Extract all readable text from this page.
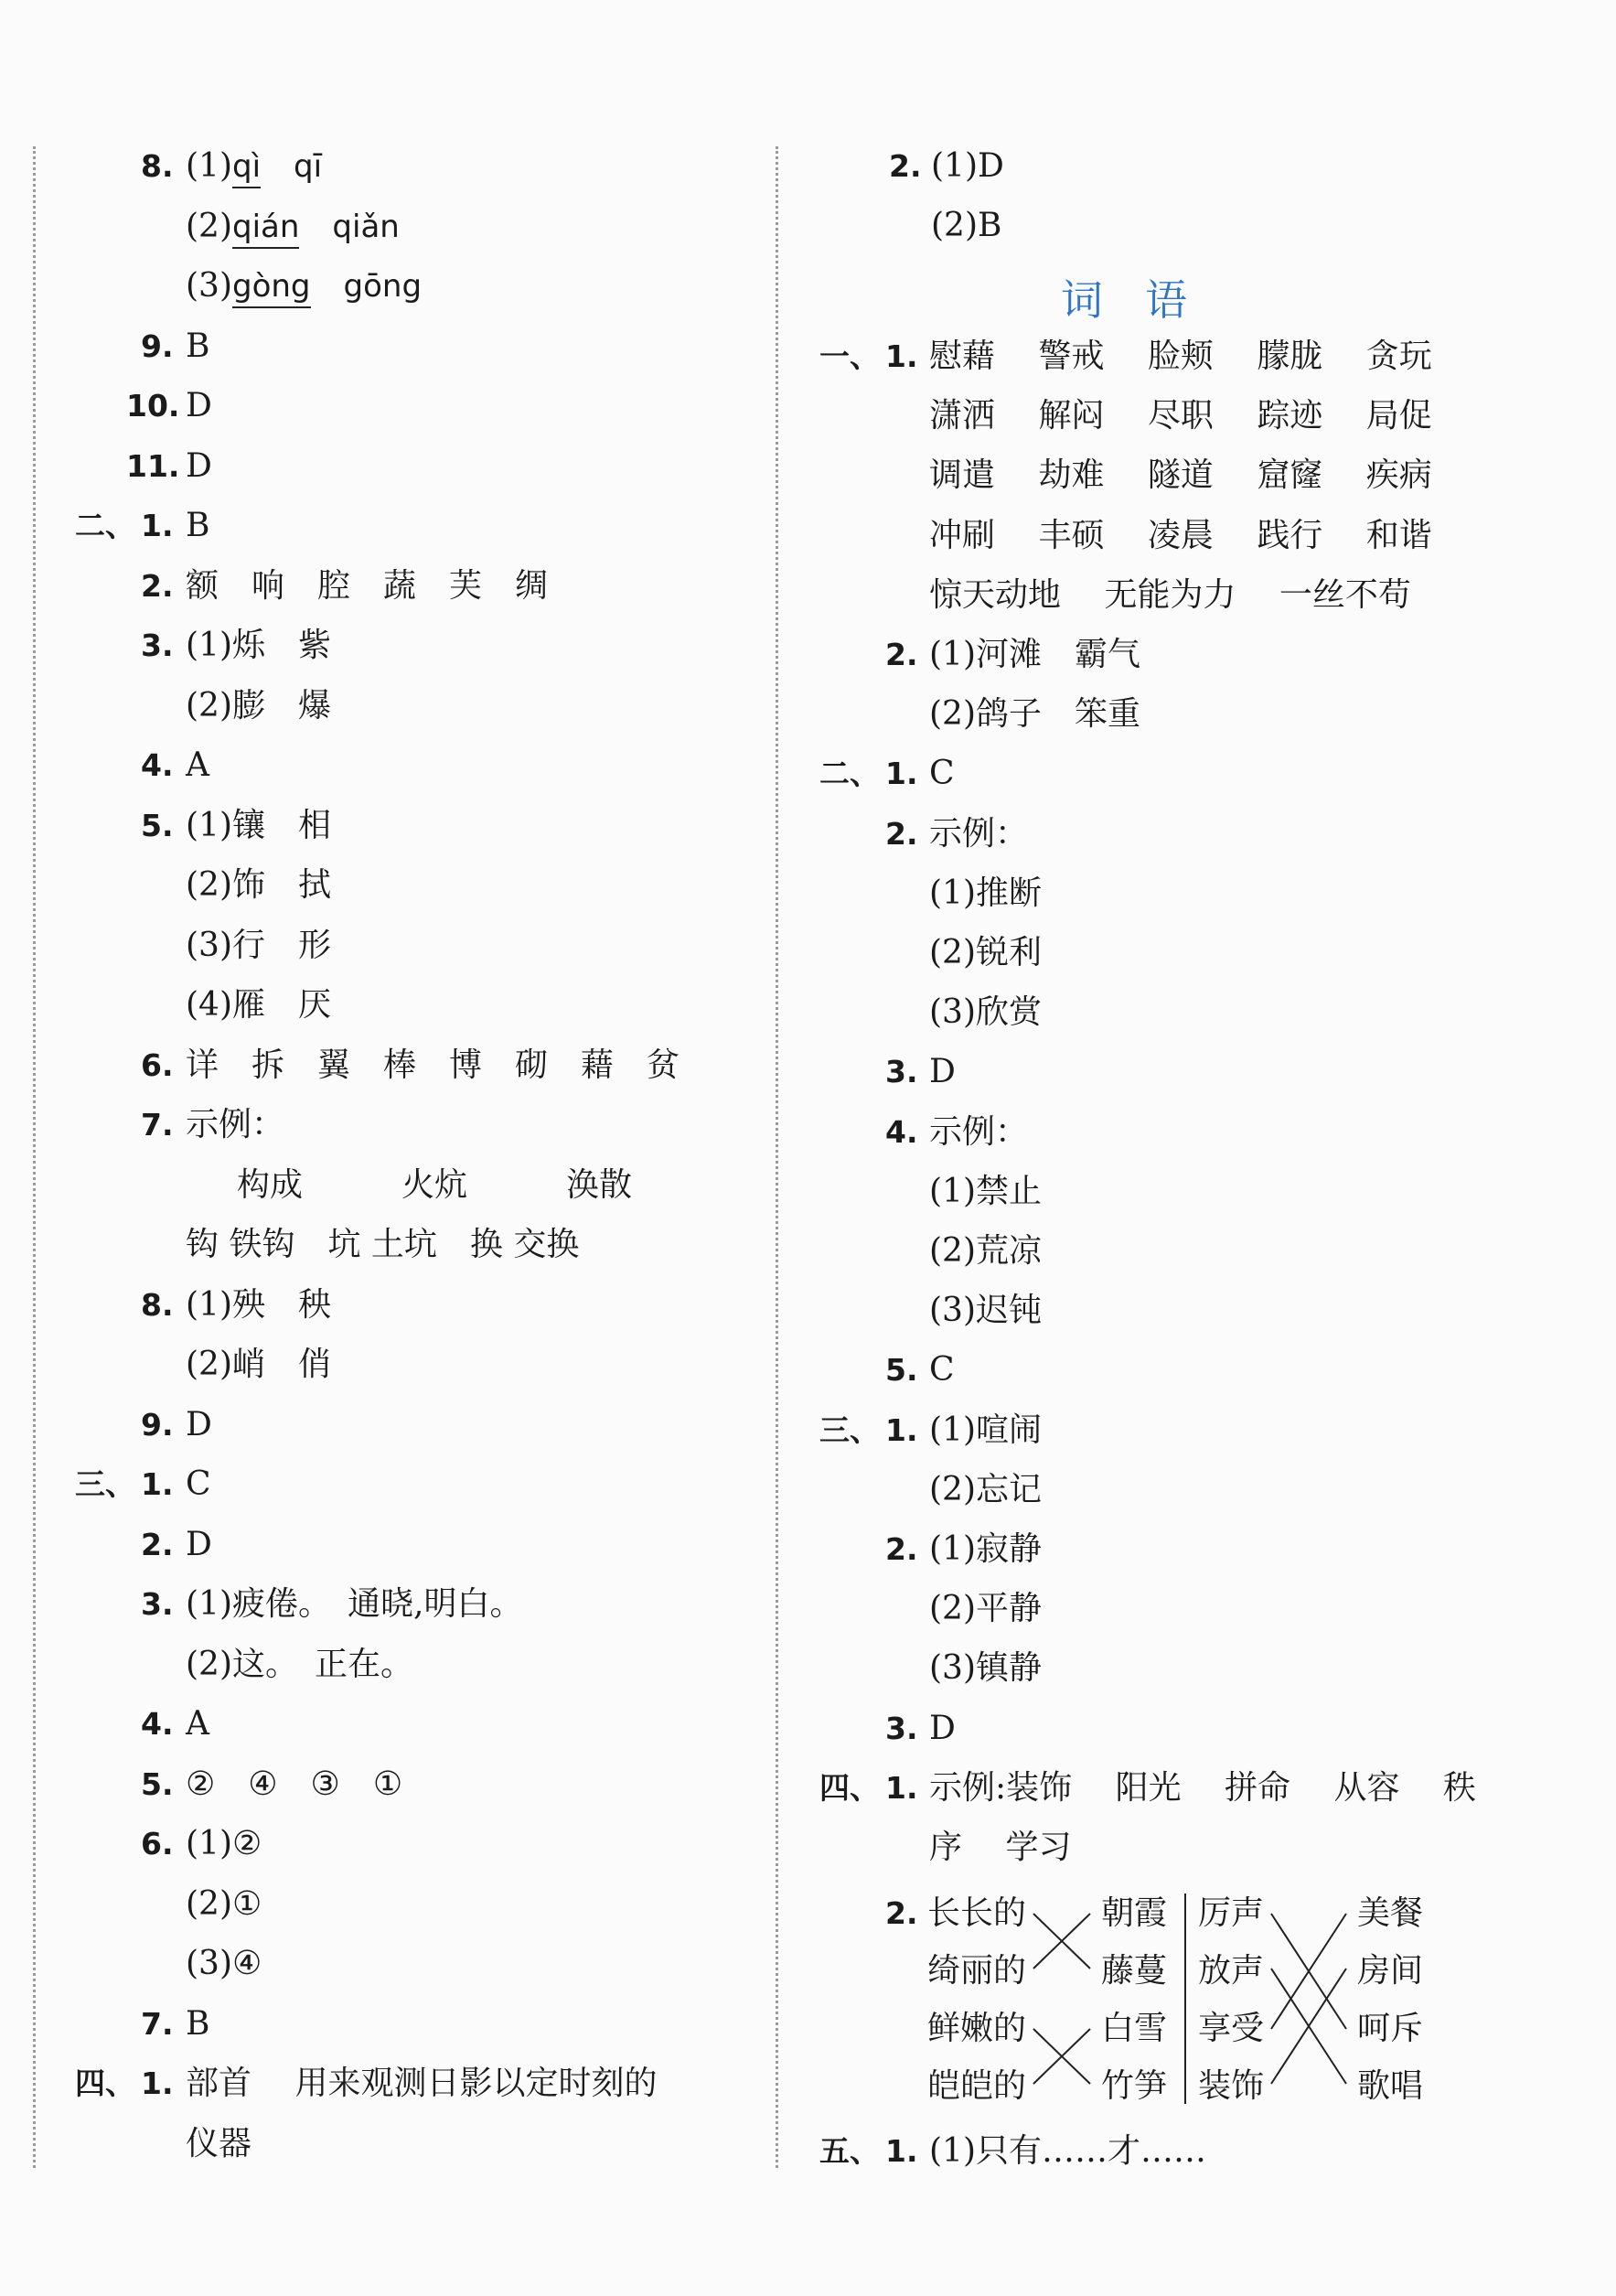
8. (1)qì  qī
(2)qián  qiǎn
(3)gòng  gōng
9. B
10. D
11. D
二、 1. B
2. 额　响　腔　蔬　芙　绸
3. (1)烁　紫
(2)膨　爆
4. A
5. (1)镶　相
(2)饰　拭
(3)行　形
(4)雁　厌
6. 详　拆　翼　棒　博　砌　藉　贫
7. 示例：
构成　　　火炕　　　涣散
钩 铁钩　坑 土坑　换 交换
8. (1)殃　秧
(2)峭　俏
9. D
三、 1. C
2. D
3. (1)疲倦。　通晓,明白。
(2)这。　正在。
4. A
5. ②　④　③　①
6. (1)②
(2)①
(3)④
7. B
四、 1. 部首　 用来观测日影以定时刻的
仪器
2. (1)D
(2)B
一、 1. 慰藉　 警戒　 脸颊　 朦胧　 贪玩
潇洒　 解闷　 尽职　 踪迹　 局促
调遣　 劫难　 隧道　 窟窿　 疾病
冲刷　 丰硕　 凌晨　 践行　 和谐
惊天动地　 无能为力　 一丝不苟
2. (1)河滩　霸气
(2)鸽子　笨重
二、 1. C
2. 示例：
(1)推断
(2)锐利
(3)欣赏
3. D
4. 示例：
(1)禁止
(2)荒凉
(3)迟钝
5. C
三、 1. (1)喧闹
(2)忘记
2. (1)寂静
(2)平静
(3)镇静
3. D
四、 1. 示例:装饰　 阳光　 拼命　 从容　 秩
序　 学习
词　语
2. 长长的
绮丽的
鲜嫩的
皑皑的
朝霞
藤蔓
白雪
竹笋
厉声
放声
享受
装饰
美餐
房间
呵斥
歌唱
五、 1. (1)只有……才……
